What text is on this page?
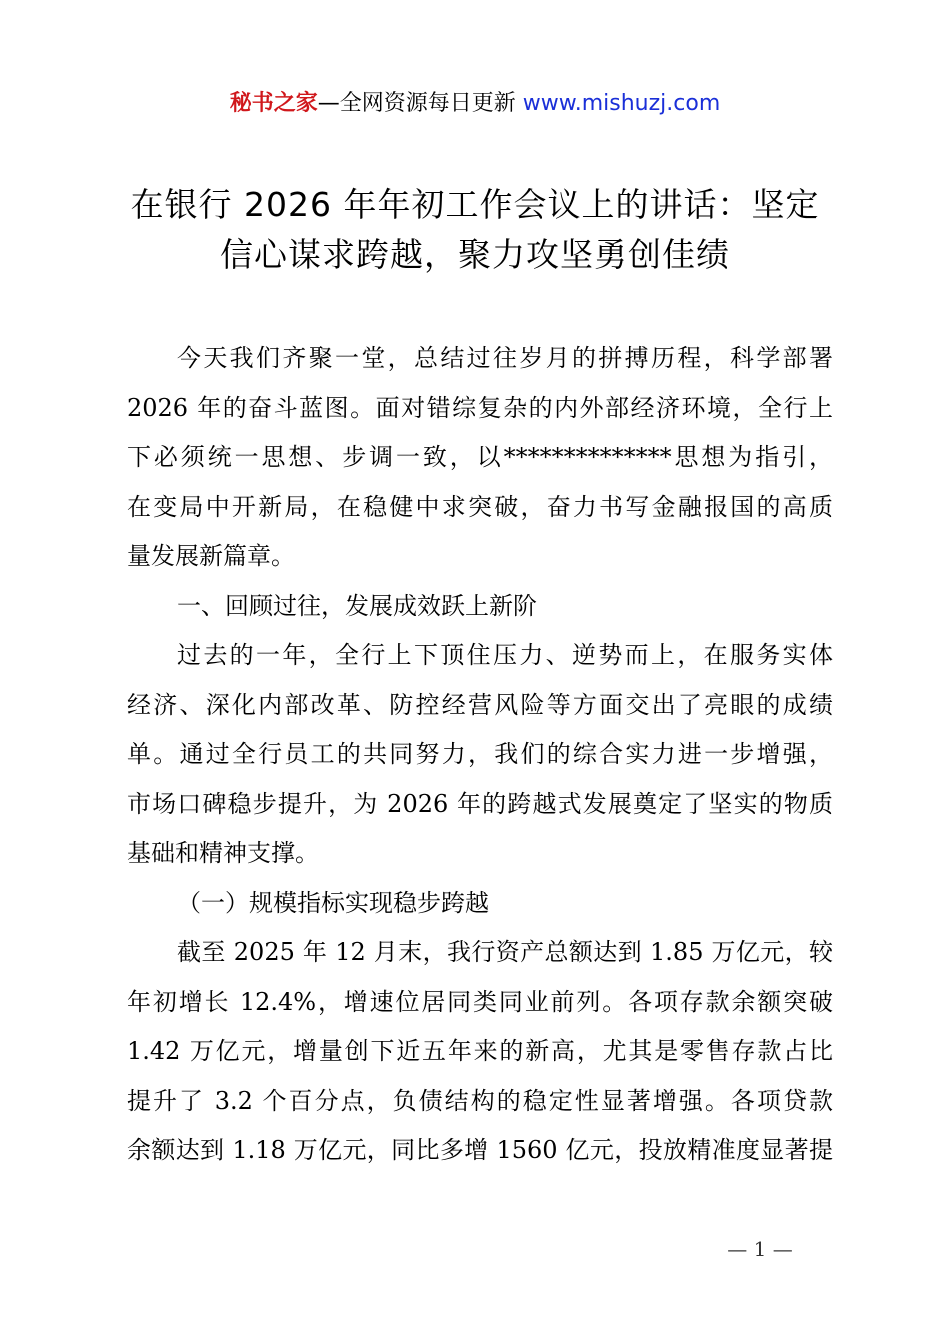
秘书之家—全网资源每日更新 www.mishuzj.com
在银行 2026 年年初工作会议上的讲话：坚定
信心谋求跨越，聚力攻坚勇创佳绩
今天我们齐聚一堂，总结过往岁月的拼搏历程，科学部署
2026 年的奋斗蓝图。面对错综复杂的内外部经济环境，全行上
下必须统一思想、步调一致，以**************思想为指引，
在变局中开新局，在稳健中求突破，奋力书写金融报国的高质
量发展新篇章。
一、回顾过往，发展成效跃上新阶
过去的一年，全行上下顶住压力、逆势而上，在服务实体
经济、深化内部改革、防控经营风险等方面交出了亮眼的成绩
单。通过全行员工的共同努力，我们的综合实力进一步增强，
市场口碑稳步提升，为 2026 年的跨越式发展奠定了坚实的物质
基础和精神支撑。
（一）规模指标实现稳步跨越
截至 2025 年 12 月末，我行资产总额达到 1.85 万亿元，较
年初增长 12.4%，增速位居同类同业前列。各项存款余额突破
1.42 万亿元，增量创下近五年来的新高，尤其是零售存款占比
提升了 3.2 个百分点，负债结构的稳定性显著增强。各项贷款
余额达到 1.18 万亿元，同比多增 1560 亿元，投放精准度显著提
— 1 —
